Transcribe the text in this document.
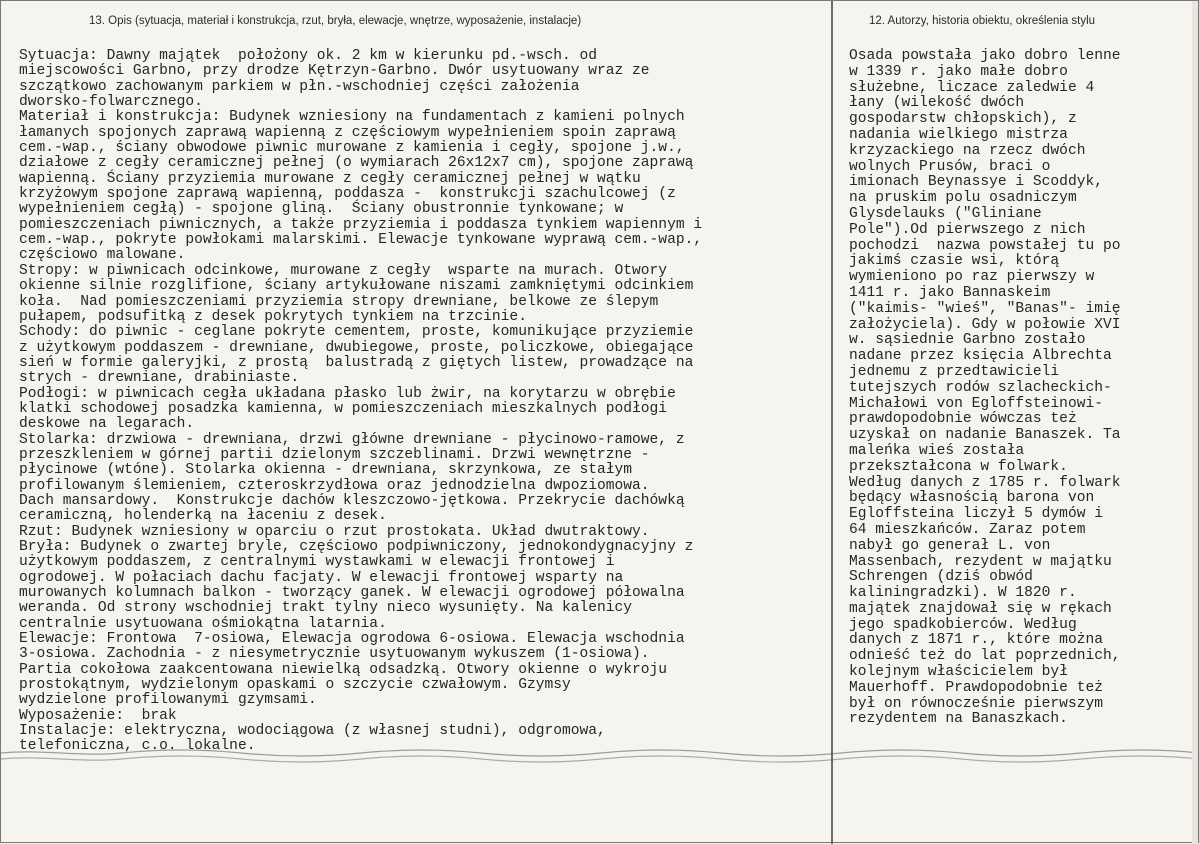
13. Opis (sytuacja, materiał i konstrukcja, rzut, bryła, elewacje, wnętrze, wyposażenie, instalacje)	12. Autorzy, historia obiektu, określenia stylu
Sytuacja: Dawny majątek  położony ok. 2 km w kierunku pd.-wsch. od
miejscowości Garbno, przy drodze Kętrzyn-Garbno. Dwór usytuowany wraz ze
szczątkowo zachowanym parkiem w płn.-wschodniej części założenia
dworsko-folwarcznego.
Materiał i konstrukcja: Budynek wzniesiony na fundamentach z kamieni polnych
łamanych spojonych zaprawą wapienną z częściowym wypełnieniem spoin zaprawą
cem.-wap., ściany obwodowe piwnic murowane z kamienia i cegły, spojone j.w.,
działowe z cegły ceramicznej pełnej (o wymiarach 26x12x7 cm), spojone zaprawą
wapienną. Ściany przyziemia murowane z cegły ceramicznej pełnej w wątku
krzyżowym spojone zaprawą wapienną, poddasza -  konstrukcji szachulcowej (z
wypełnieniem cegłą) - spojone gliną.  Ściany obustronnie tynkowane; w
pomieszczeniach piwnicznych, a także przyziemia i poddasza tynkiem wapiennym i
cem.-wap., pokryte powłokami malarskimi. Elewacje tynkowane wyprawą cem.-wap.,
częściowo malowane.
Stropy: w piwnicach odcinkowe, murowane z cegły  wsparte na murach. Otwory
okienne silnie rozglifione, ściany artykułowane niszami zamkniętymi odcinkiem
koła.  Nad pomieszczeniami przyziemia stropy drewniane, belkowe ze ślepym
pułapem, podsufitką z desek pokrytych tynkiem na trzcinie.
Schody: do piwnic - ceglane pokryte cementem, proste, komunikujące przyziemie
z użytkowym poddaszem - drewniane, dwubiegowe, proste, policzkowe, obiegające
sień w formie galeryjki, z prostą  balustradą z giętych listew, prowadzące na
strych - drewniane, drabiniaste.
Podłogi: w piwnicach cegła układana płasko lub żwir, na korytarzu w obrębie
klatki schodowej posadzka kamienna, w pomieszczeniach mieszkalnych podłogi
deskowe na legarach.
Stolarka: drzwiowa - drewniana, drzwi główne drewniane - płycinowo-ramowe, z
przeszkleniem w górnej partii dzielonym szczeblinami. Drzwi wewnętrzne -
płycinowe (wtóne). Stolarka okienna - drewniana, skrzynkowa, ze stałym
profilowanym ślemieniem, czteroskrzydłowa oraz jednodzielna dwpoziomowa.
Dach mansardowy.  Konstrukcje dachów kleszczowo-jętkowa. Przekrycie dachówką
ceramiczną, holenderką na łaceniu z desek.
Rzut: Budynek wzniesiony w oparciu o rzut prostokata. Układ dwutraktowy.
Bryła: Budynek o zwartej bryle, częściowo podpiwniczony, jednokondygnacyjny z
użytkowym poddaszem, z centralnymi wystawkami w elewacji frontowej i
ogrodowej. W połaciach dachu facjaty. W elewacji frontowej wsparty na
murowanych kolumnach balkon - tworzący ganek. W elewacji ogrodowej półowalna
weranda. Od strony wschodniej trakt tylny nieco wysunięty. Na kalenicy
centralnie usytuowana ośmiokątna latarnia.
Elewacje: Frontowa  7-osiowa, Elewacja ogrodowa 6-osiowa. Elewacja wschodnia
3-osiowa. Zachodnia - z niesymetrycznie usytuowanym wykuszem (1-osiowa).
Partia cokołowa zaakcentowana niewielką odsadzką. Otwory okienne o wykroju
prostokątnym, wydzielonym opaskami o szczycie czwałowym. Gzymsy
wydzielone profilowanymi gzymsami.
Wyposażenie:  brak
Instalacje: elektryczna, wodociągowa (z własnej studni), odgromowa,
telefoniczna, c.o. lokalne.
Osada powstała jako dobro lenne
w 1339 r. jako małe dobro
służebne, liczace zaledwie 4
łany (wilekość dwóch
gospodarstw chłopskich), z
nadania wielkiego mistrza
krzyzackiego na rzecz dwóch
wolnych Prusów, braci o
imionach Beynassye i Scoddyk,
na pruskim polu osadniczym
Glysdelauks ("Gliniane
Pole").Od pierwszego z nich
pochodzi  nazwa powstałej tu po
jakimś czasie wsi, którą
wymieniono po raz pierwszy w
1411 r. jako Bannaskeim
("kaimis- "wieś", "Banas"- imię
założyciela). Gdy w połowie XVI
w. sąsiednie Garbno zostało
nadane przez księcia Albrechta
jednemu z przedtawicieli
tutejszych rodów szlacheckich-
Michałowi von Egloffsteinowi-
prawdopodobnie wówczas też
uzyskał on nadanie Banaszek. Ta
maleńka wieś została
przekształcona w folwark.
Według danych z 1785 r. folwark
będący własnością barona von
Egloffsteina liczył 5 dymów i
64 mieszkańców. Zaraz potem
nabył go generał L. von
Massenbach, rezydent w majątku
Schrengen (dziś obwód
kaliningradzki). W 1820 r.
majątek znajdował się w rękach
jego spadkobierców. Według
danych z 1871 r., które można
odnieść też do lat poprzednich,
kolejnym właścicielem był
Mauerhoff. Prawdopodobnie też
był on równocześnie pierwszym
rezydentem na Banaszkach.
